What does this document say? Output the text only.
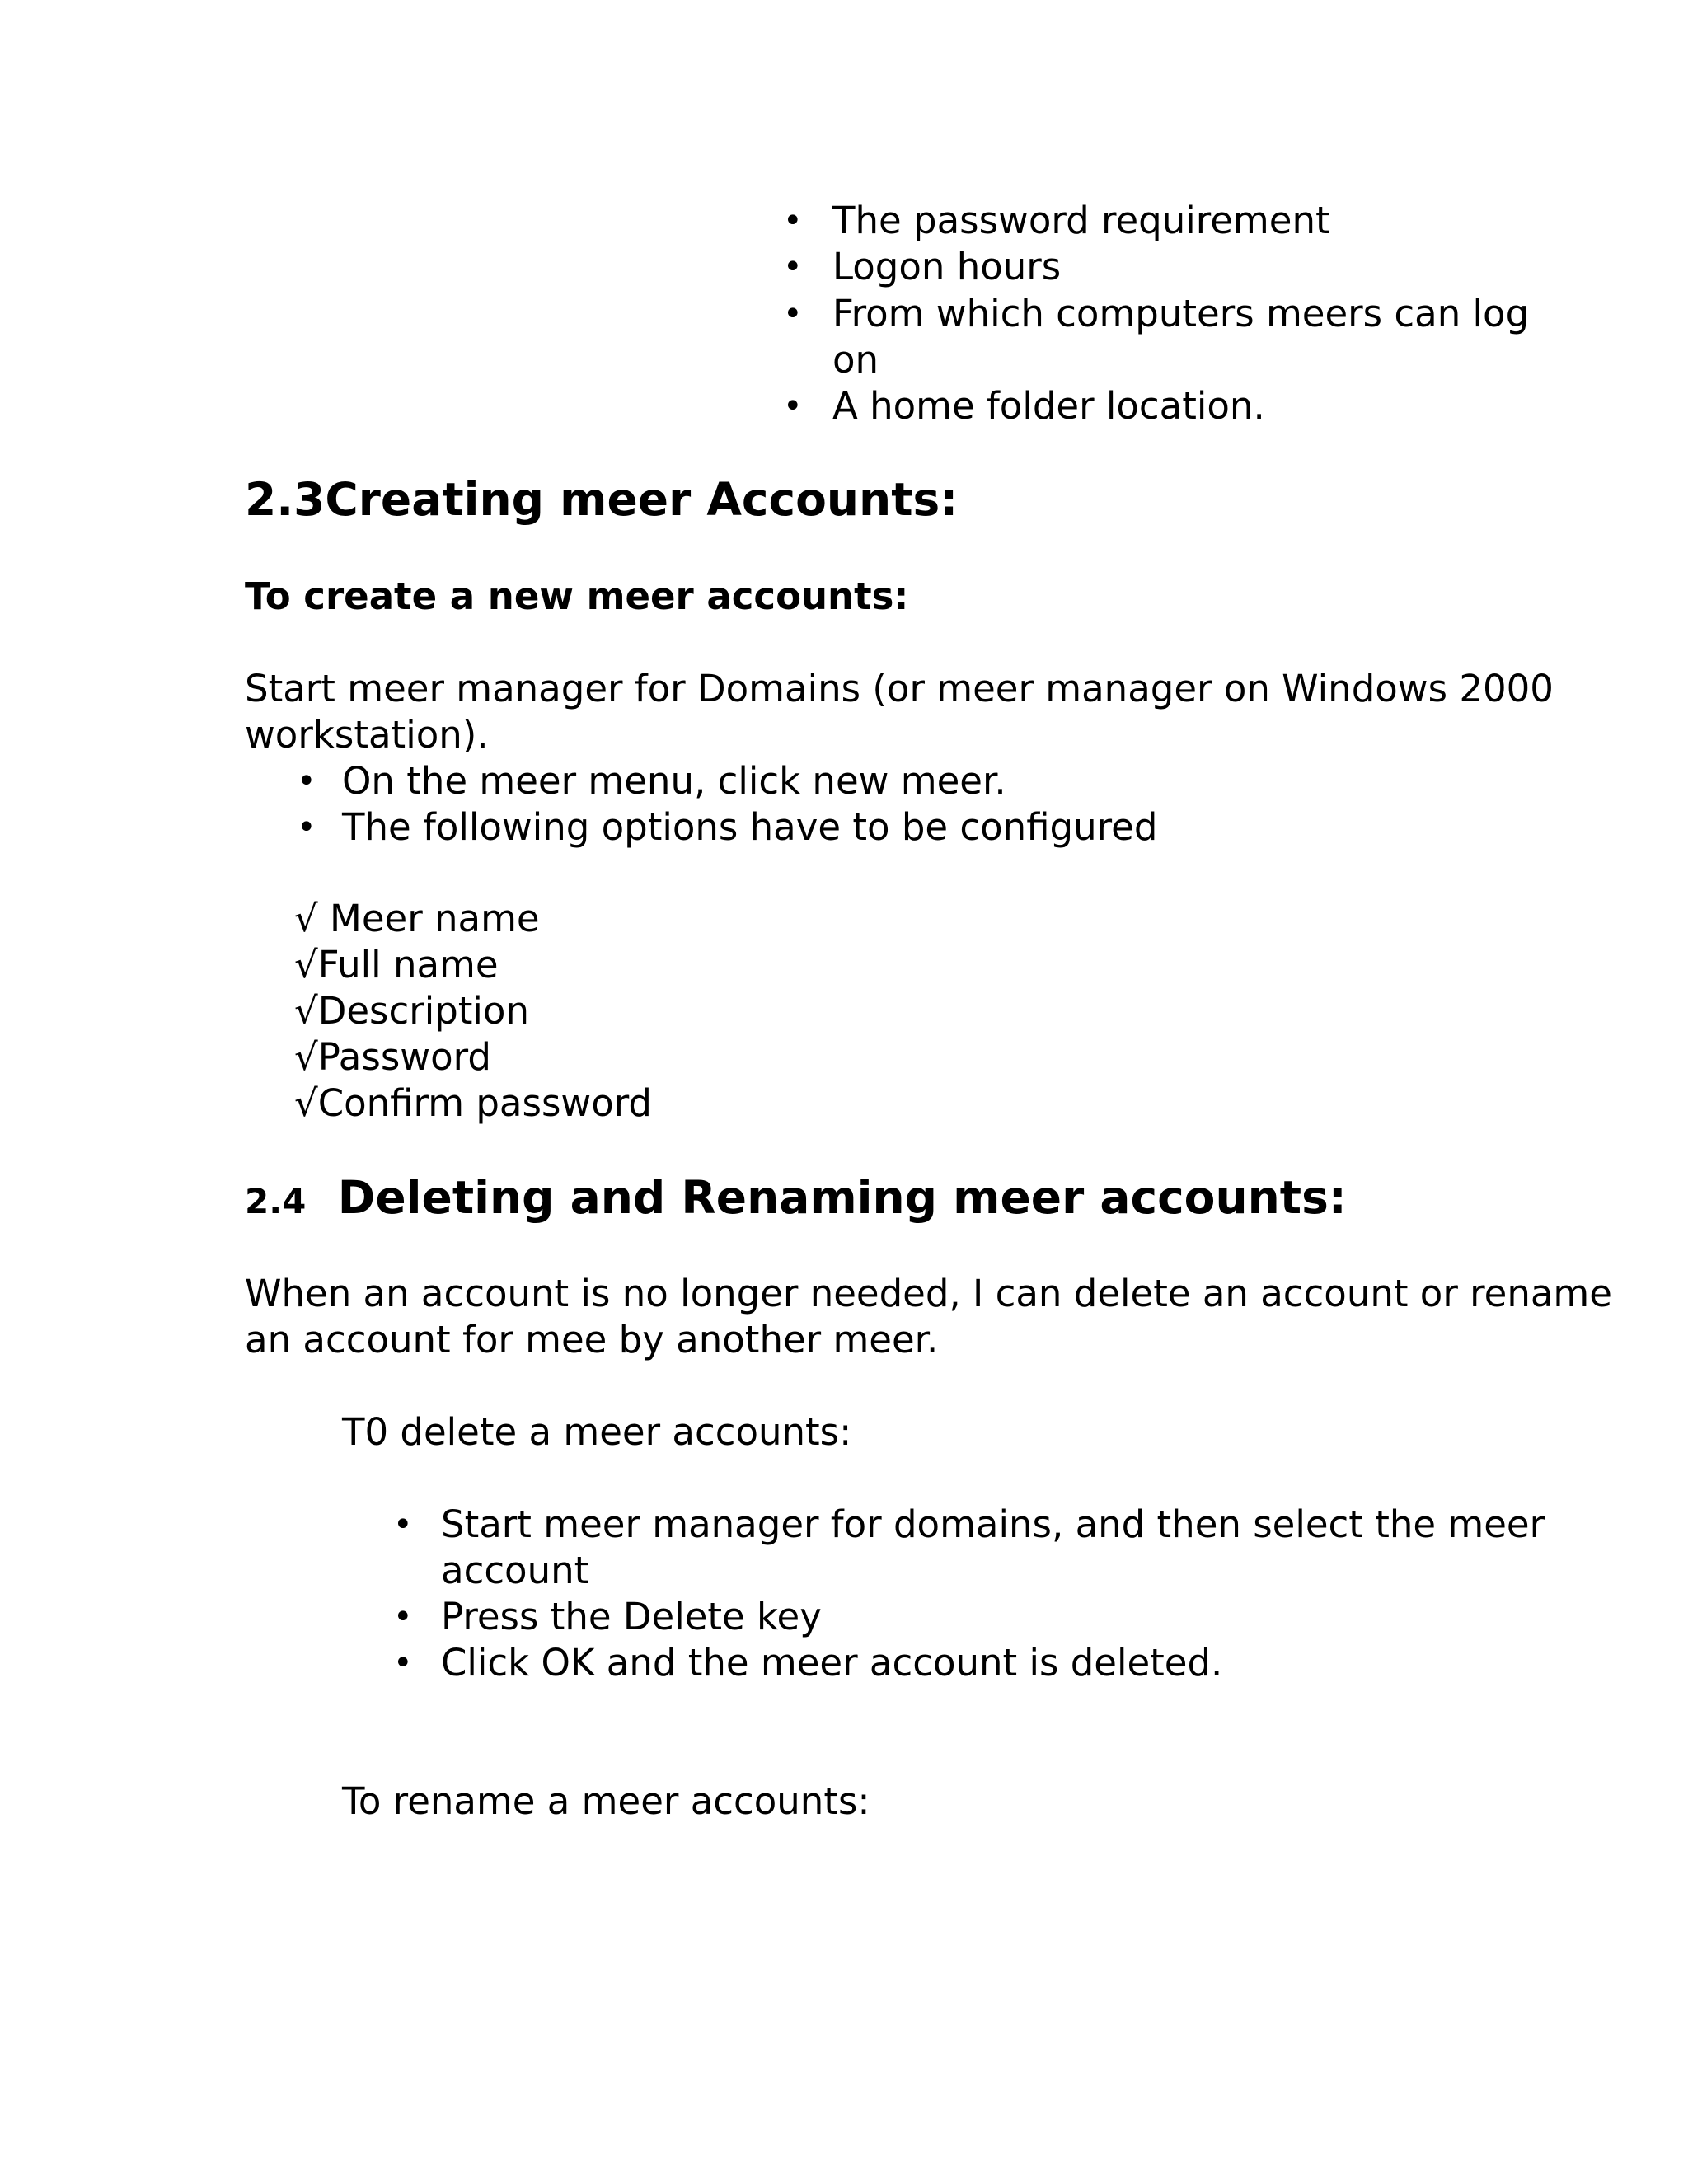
• The password requirement
• Logon hours
• From which computers meers can log
on
• A home folder location.
2.3Creating meer Accounts:
To create a new meer accounts:
Start meer manager for Domains (or meer manager on Windows 2000
workstation).
• On the meer menu, click new meer.
• The following options have to be configured
√ Meer name
√Full name
√Description
√Password
√Confirm password
2.4 Deleting and Renaming meer accounts:
When an account is no longer needed, I can delete an account or rename
an account for mee by another meer.
T0 delete a meer accounts:
• Start meer manager for domains, and then select the meer
account
• Press the Delete key
• Click OK and the meer account is deleted.
To rename a meer accounts:
